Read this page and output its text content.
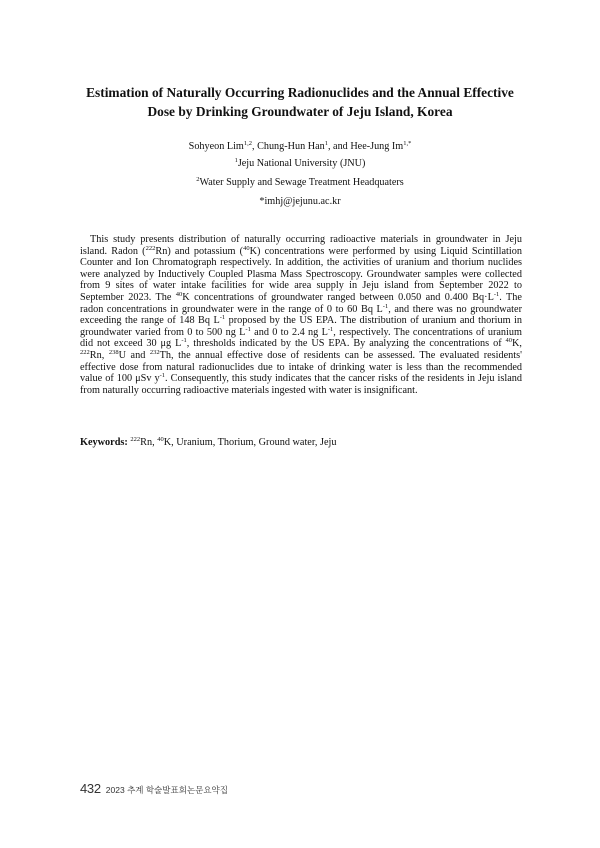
Estimation of Naturally Occurring Radionuclides and the Annual Effective
Dose by Drinking Groundwater of Jeju Island, Korea
Sohyeon Lim$^{1,2}$, Chung-Hun Han$^1$, and Hee-Jung $Im^{1,*}$
$^1$Jeju National University (JNU)
$^2$Water Supply and Sewage Treatment Headquaters
*imhj@jejunu.ac.kr

This study presents distribution of naturally occurring radioactive materials in groundwater in Jeju island. Radon ($^{222}$Rn) and potassium ($^{40}$K) concentrations were performed by using Liquid Scintillation Counter and Ion Chromatograph respectively. In addition, the activities of uranium and thorium nuclides were analyzed by Inductively Coupled Plasma Mass Spectroscopy. Groundwater samples were collected from 9 sites of water intake facilities for wide area supply in Jeju island from September 2022 to September 2023. The $^{40}$K concentrations of groundwater ranged between 0.050 and 0.400 $Bq\cdot L^{-1}$. The radon concentrations in groundwater were in the range of 0 to 60 Bq $L^{-1}$, and there was no groundwater exceeding the range of 148 Bq $L^{-1}$ proposed by the US EPA. The distribution of uranium and thorium in groundwater varied from 0 to 500 ng $L^{-1}$ and 0 to 2.4 ng $L^{-1}$, respectively. The concentrations of uranium did not exceed 30 μg $L^{-1}$, thresholds indicated by the US EPA. By analyzing the concentrations of $^{40}$K, $^{222}$Rn, $^{238}$U and $^{232}$Th, the annual effective dose of residents can be assessed. The evaluated residents' effective dose from natural radionuclides due to intake of drinking water is less than the recommended value of 100 μSv $y^{-1}$. Consequently, this study indicates that the cancer risks of the residents in Jeju island from naturally occurring radioactive materials ingested with water is insignificant.

Keywords: $^{222}$Rn, $^{40}$K, Uranium, Thorium, Ground water, Jeju
432 2023 추계 학술발표회논문요약집
